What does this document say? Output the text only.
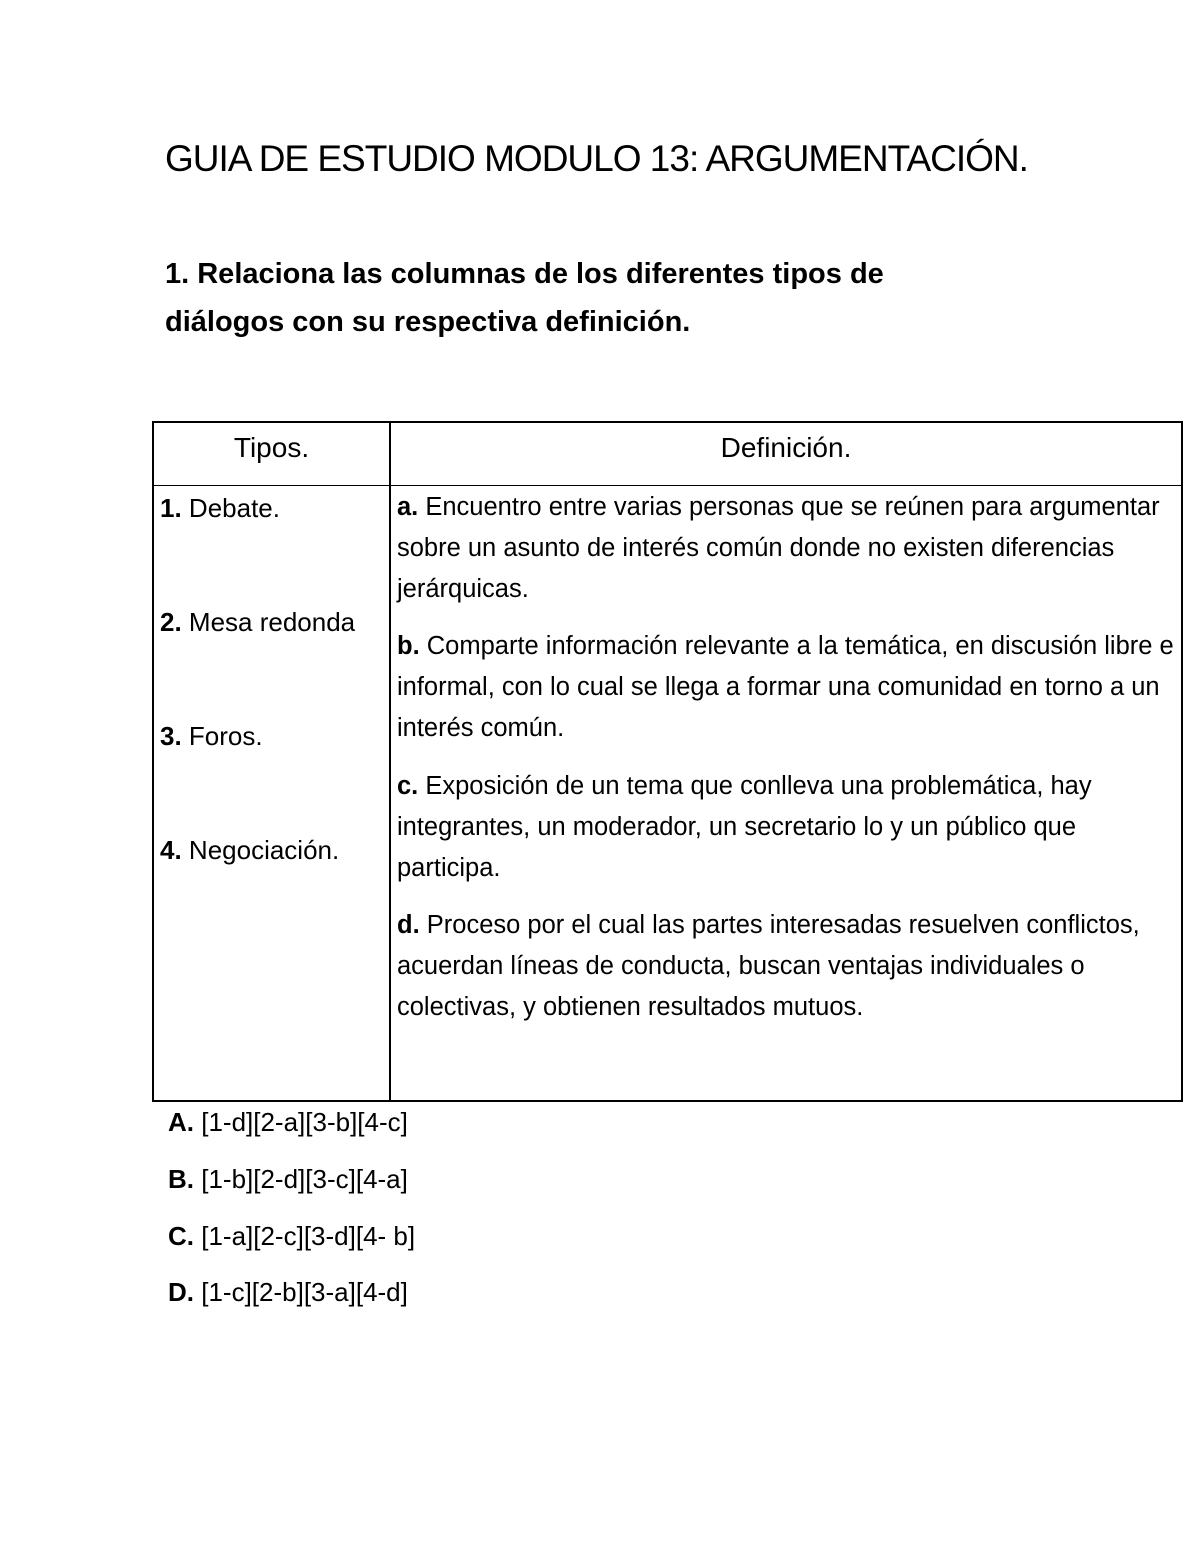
GUIA DE ESTUDIO MODULO 13: ARGUMENTACIÓN.
1. Relaciona las columnas de los diferentes tipos de
diálogos con su respectiva definición.
Tipos.	Definición.
1. Debate.
2. Mesa redonda
3. Foros.
4. Negociación.
a. Encuentro entre varias personas que se reúnen para argumentar sobre un asunto de interés común donde no existen diferencias jerárquicas.
b. Comparte información relevante a la temática, en discusión libre e informal, con lo cual se llega a formar una comunidad en torno a un interés común.
c. Exposición de un tema que conlleva una problemática, hay integrantes, un moderador, un secretario lo y un público que participa.
d. Proceso por el cual las partes interesadas resuelven conflictos, acuerdan líneas de conducta, buscan ventajas individuales o colectivas, y obtienen resultados mutuos.
A. [1-d][2-a][3-b][4-c]
B. [1-b][2-d][3-c][4-a]
C. [1-a][2-c][3-d][4- b]
D. [1-c][2-b][3-a][4-d]
